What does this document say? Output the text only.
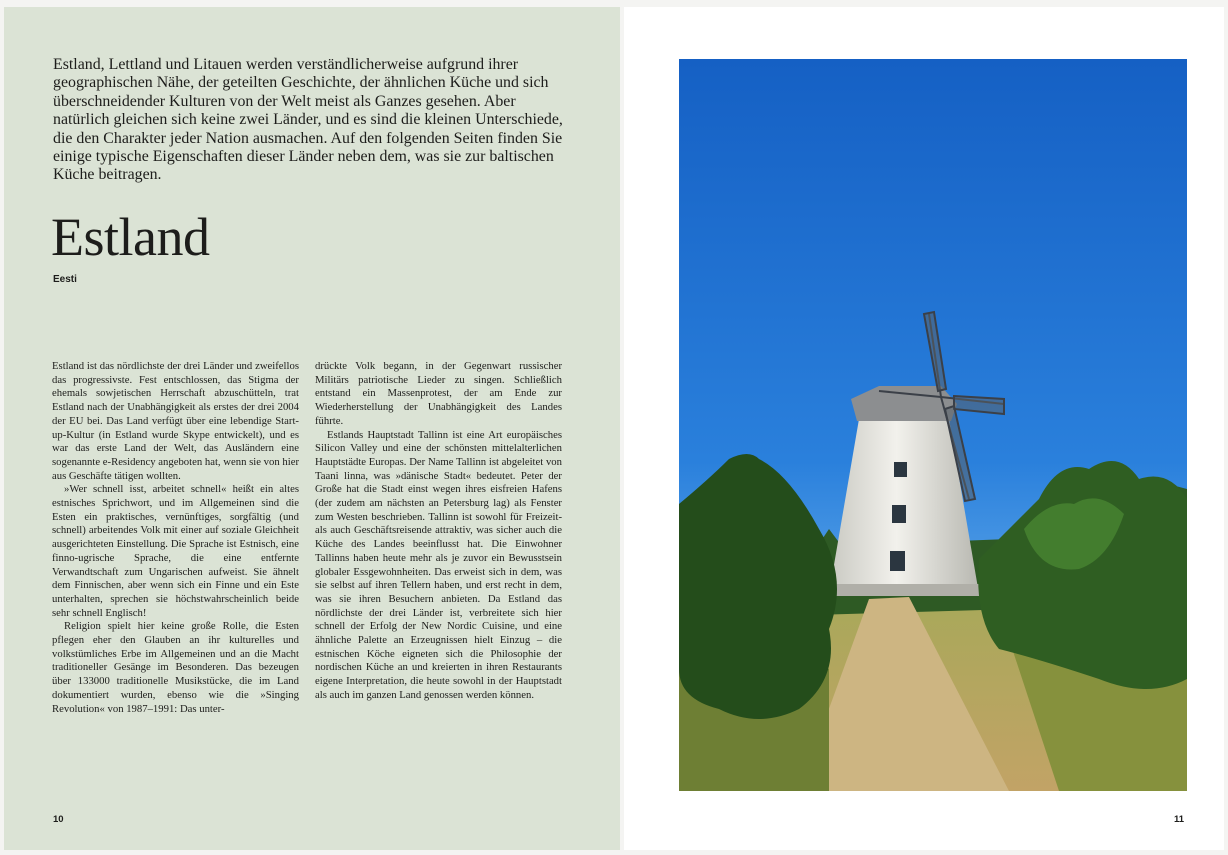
Estland, Lettland und Litauen werden verständlicherweise aufgrund ihrer geographischen Nähe, der geteilten Geschichte, der ähnlichen Küche und sich überschneidender Kulturen von der Welt meist als Ganzes gesehen. Aber natürlich gleichen sich keine zwei Länder, und es sind die kleinen Unterschiede, die den Charakter jeder Nation ausmachen. Auf den folgenden Seiten finden Sie einige typische Eigenschaften dieser Länder neben dem, was sie zur baltischen Küche beitragen.

Estland

Eesti

Estland ist das nördlichste der drei Länder und zweifellos das progressivste. Fest entschlossen, das Stigma der ehemals sowjetischen Herrschaft abzuschütteln, trat Estland nach der Unabhängigkeit als erstes der drei 2004 der EU bei. Das Land verfügt über eine lebendige Start-up-Kultur (in Estland wurde Skype entwickelt), und es war das erste Land der Welt, das Ausländern eine sogenannte e-Residency angeboten hat, wenn sie von hier aus Geschäfte tätigen wollten.

»Wer schnell isst, arbeitet schnell« heißt ein altes estnisches Sprichwort, und im Allgemeinen sind die Esten ein praktisches, vernünftiges, sorgfältig (und schnell) arbeitendes Volk mit einer auf soziale Gleichheit ausgerichteten Einstellung. Die Sprache ist Estnisch, eine finno-ugrische Sprache, die eine entfernte Verwandtschaft zum Ungarischen aufweist. Sie ähnelt dem Finnischen, aber wenn sich ein Finne und ein Este unterhalten, sprechen sie höchstwahrscheinlich beide sehr schnell Englisch!

Religion spielt hier keine große Rolle, die Esten pflegen eher den Glauben an ihr kulturelles und volkstümliches Erbe im Allgemeinen und an die Macht traditioneller Gesänge im Besonderen. Das bezeugen über 133000 traditionelle Musikstücke, die im Land dokumentiert wurden, ebenso wie die »Singing Revolution« von 1987–1991: Das unter-

drückte Volk begann, in der Gegenwart russischer Militärs patriotische Lieder zu singen. Schließlich entstand ein Massenprotest, der am Ende zur Wiederherstellung der Unabhängigkeit des Landes führte.

Estlands Hauptstadt Tallinn ist eine Art europäisches Silicon Valley und eine der schönsten mittelalterlichen Hauptstädte Europas. Der Name Tallinn ist abgeleitet von Taani linna, was »dänische Stadt« bedeutet. Peter der Große hat die Stadt einst wegen ihres eisfreien Hafens (der zudem am nächsten an Petersburg lag) als Fenster zum Westen beschrieben. Tallinn ist sowohl für Freizeit- als auch Geschäftsreisende attraktiv, was sicher auch die Küche des Landes beeinflusst hat. Die Einwohner Tallinns haben heute mehr als je zuvor ein Bewusstsein globaler Essgewohnheiten. Das erweist sich in dem, was sie selbst auf ihren Tellern haben, und erst recht in dem, was sie ihren Besuchern anbieten. Da Estland das nördlichste der drei Länder ist, verbreitete sich hier schnell der Erfolg der New Nordic Cuisine, und eine ähnliche Palette an Erzeugnissen hielt Einzug – die estnischen Köche eigneten sich die Philosophie der nordischen Küche an und kreierten in ihren Restaurants eigene Interpretation, die heute sowohl in der Hauptstadt als auch im ganzen Land genossen werden können.

10	11
